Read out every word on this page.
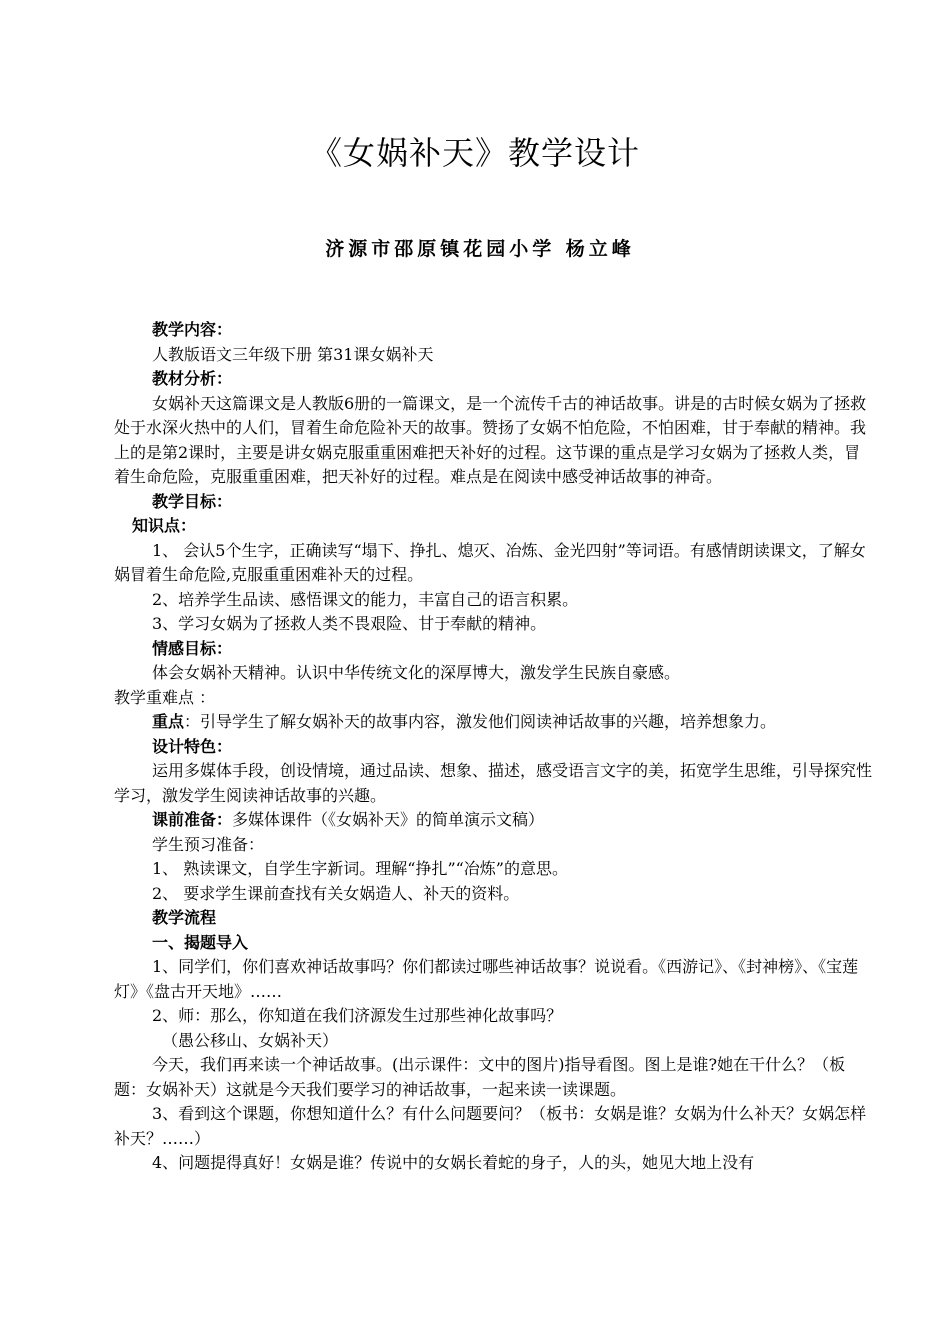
《女娲补天》教学设计
济源市邵原镇花园小学 杨立峰

教学内容：

人教版语文三年级下册 第31课女娲补天

教材分析：

女娲补天这篇课文是人教版6册的一篇课文，是一个流传千古的神话故事。讲是的古时候女娲为了拯救处于水深火热中的人们，冒着生命危险补天的故事。赞扬了女娲不怕危险，不怕困难，甘于奉献的精神。我上的是第2课时，主要是讲女娲克服重重困难把天补好的过程。这节课的重点是学习女娲为了拯救人类，冒着生命危险，克服重重困难，把天补好的过程。难点是在阅读中感受神话故事的神奇。

教学目标：

知识点：

1、 会认5个生字，正确读写“塌下、挣扎、熄灭、冶炼、金光四射”等词语。有感情朗读课文，了解女娲冒着生命危险,克服重重困难补天的过程。

2、培养学生品读、感悟课文的能力，丰富自己的语言积累。

3、学习女娲为了拯救人类不畏艰险、甘于奉献的精神。

情感目标：

体会女娲补天精神。认识中华传统文化的深厚博大，激发学生民族自豪感。

教学重难点 ：

重点：引导学生了解女娲补天的故事内容，激发他们阅读神话故事的兴趣，培养想象力。

设计特色：

运用多媒体手段，创设情境，通过品读、想象、描述，感受语言文字的美，拓宽学生思维，引导探究性学习，激发学生阅读神话故事的兴趣。

课前准备：多媒体课件（《女娲补天》的简单演示文稿）

学生预习准备：

1、 熟读课文，自学生字新词。理解“挣扎”“冶炼”的意思。

2、 要求学生课前查找有关女娲造人、补天的资料。

教学流程

一、揭题导入

1、同学们，你们喜欢神话故事吗？你们都读过哪些神话故事？说说看。《西游记》、《封神榜》、《宝莲灯》《盘古开天地》……

2、师：那么，你知道在我们济源发生过那些神化故事吗？

（愚公移山、女娲补天）

今天，我们再来读一个神话故事。(出示课件：文中的图片)指导看图。图上是谁?她在干什么？（板题：女娲补天）这就是今天我们要学习的神话故事，一起来读一读课题。

3、看到这个课题，你想知道什么？有什么问题要问？（板书：女娲是谁？女娲为什么补天？女娲怎样补天？……）

4、问题提得真好！女娲是谁？传说中的女娲长着蛇的身子，人的头，她见大地上没有
